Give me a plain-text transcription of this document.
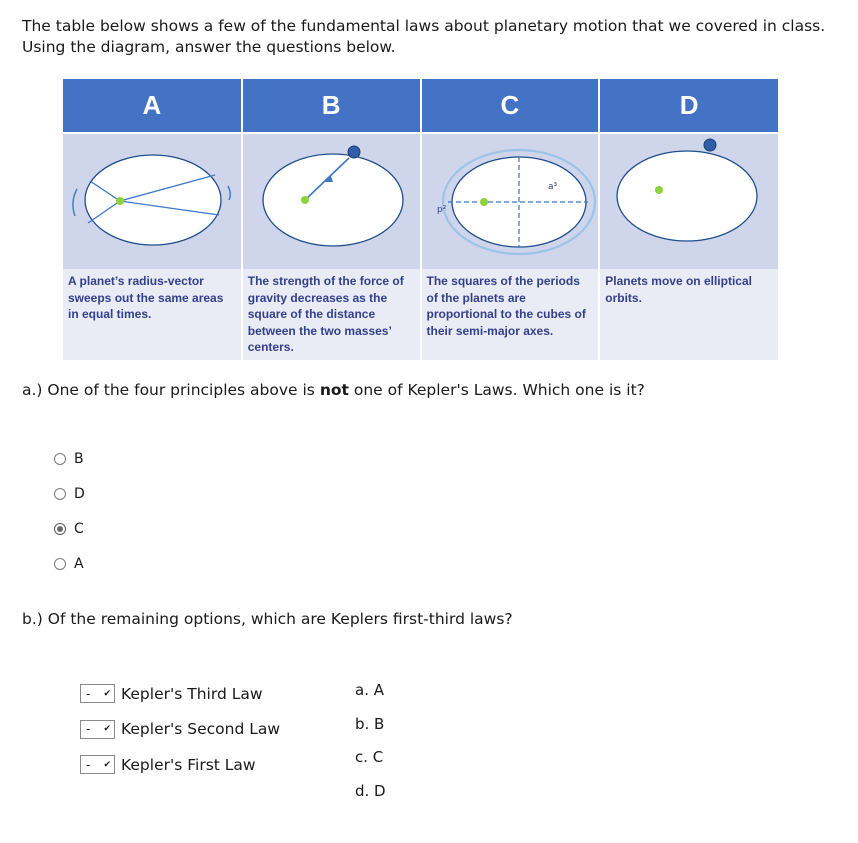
The table below shows a few of the fundamental laws about planetary motion that we covered in class. Using the diagram, answer the questions below.

A	B	C	D

a³
p²

A planet’s radius-vector sweeps out the same areas in equal times.	The strength of the force of gravity decreases as the square of the distance between the two masses’ centers.	The squares of the periods of the planets are proportional to the cubes of their semi-major axes.	Planets move on elliptical orbits.

a.) One of the four principles above is not one of Kepler's Laws. Which one is it?

B
D
C
A

b.) Of the remaining options, which are Keplers first-third laws?

- ✔︎ Kepler's Third Law
- ✔︎ Kepler's Second Law
- ✔︎ Kepler's First Law
a. A
b. B
c. C
d. D
